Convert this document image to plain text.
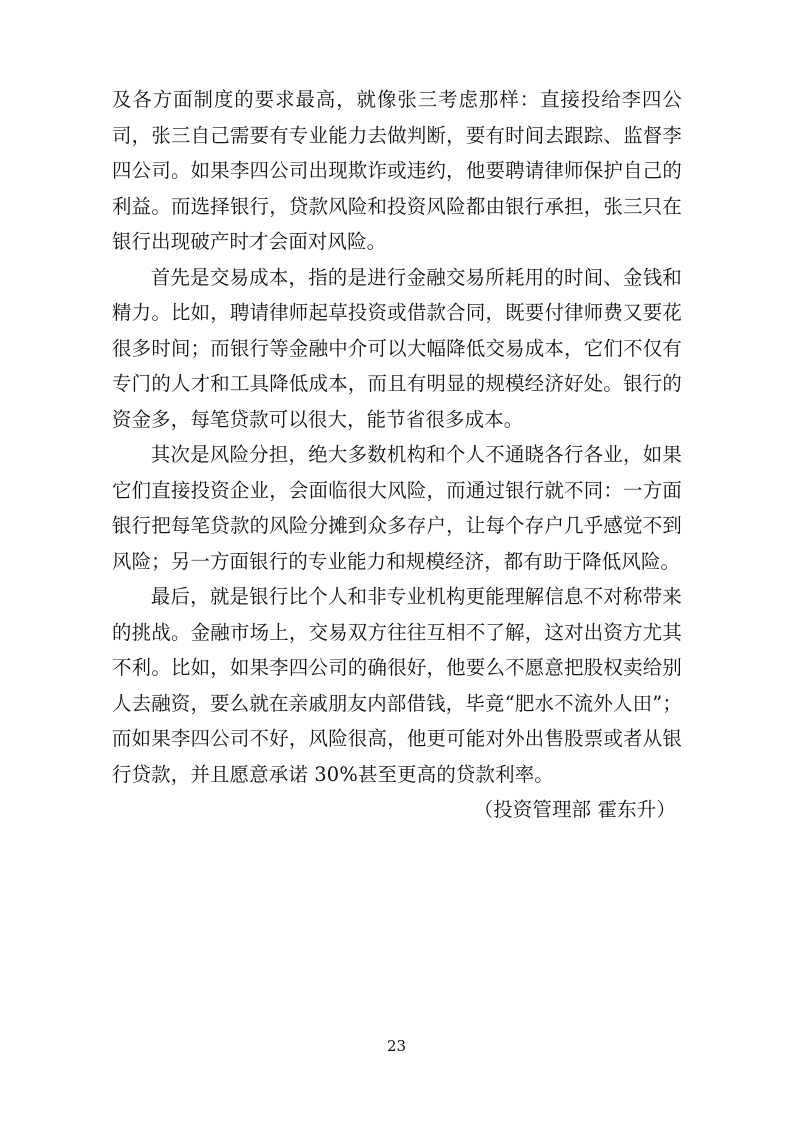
及各方面制度的要求最高，就像张三考虑那样：直接投给李四公司，张三自己需要有专业能力去做判断，要有时间去跟踪、监督李四公司。如果李四公司出现欺诈或违约，他要聘请律师保护自己的利益。而选择银行，贷款风险和投资风险都由银行承担，张三只在银行出现破产时才会面对风险。

首先是交易成本，指的是进行金融交易所耗用的时间、金钱和精力。比如，聘请律师起草投资或借款合同，既要付律师费又要花很多时间；而银行等金融中介可以大幅降低交易成本，它们不仅有专门的人才和工具降低成本，而且有明显的规模经济好处。银行的资金多，每笔贷款可以很大，能节省很多成本。

其次是风险分担，绝大多数机构和个人不通晓各行各业，如果它们直接投资企业，会面临很大风险，而通过银行就不同：一方面银行把每笔贷款的风险分摊到众多存户，让每个存户几乎感觉不到风险；另一方面银行的专业能力和规模经济，都有助于降低风险。

最后，就是银行比个人和非专业机构更能理解信息不对称带来的挑战。金融市场上，交易双方往往互相不了解，这对出资方尤其不利。比如，如果李四公司的确很好，他要么不愿意把股权卖给别人去融资，要么就在亲戚朋友内部借钱，毕竟“肥水不流外人田”；而如果李四公司不好，风险很高，他更可能对外出售股票或者从银行贷款，并且愿意承诺 30%甚至更高的贷款利率。

（投资管理部 霍东升）

23
